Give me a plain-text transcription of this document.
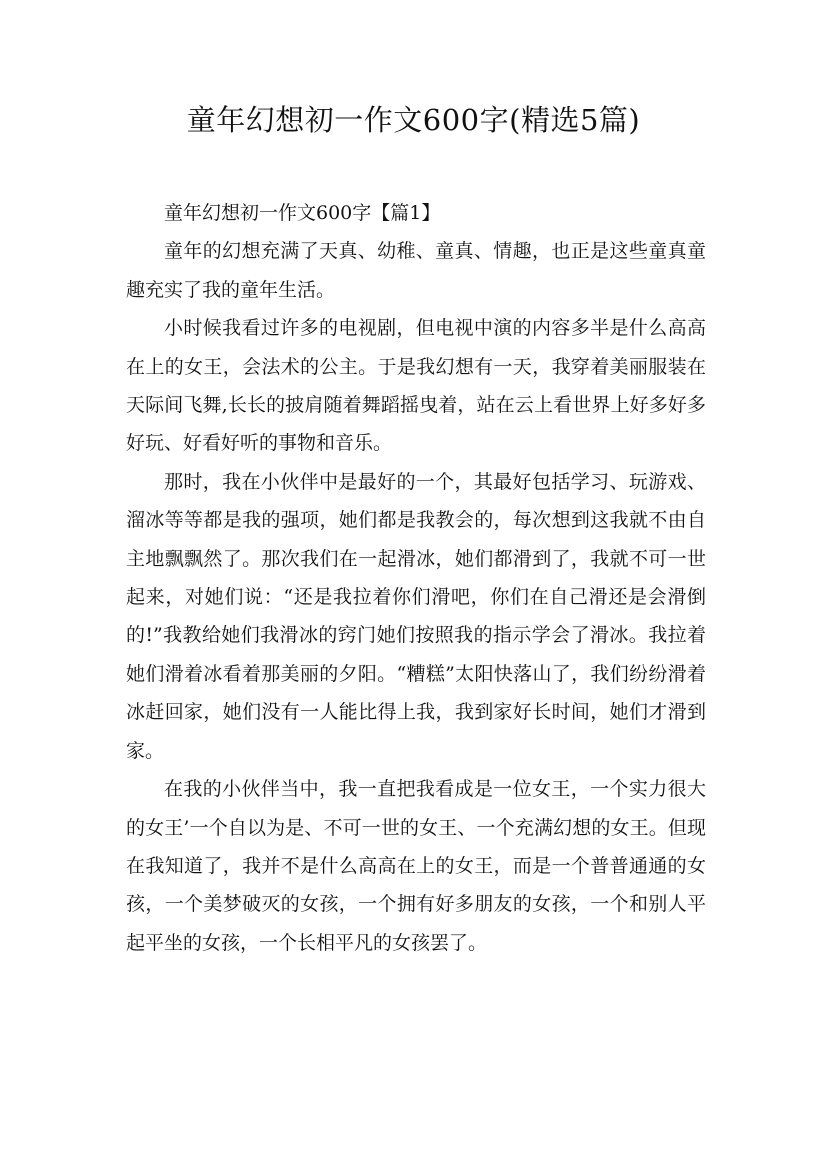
童年幻想初一作文600字(精选5篇)

童年幻想初一作文600字【篇1】

童年的幻想充满了天真、幼稚、童真、情趣，也正是这些童真童趣充实了我的童年生活。

小时候我看过许多的电视剧，但电视中演的内容多半是什么高高在上的女王，会法术的公主。于是我幻想有一天，我穿着美丽服装在天际间飞舞,长长的披肩随着舞蹈摇曳着，站在云上看世界上好多好多好玩、好看好听的事物和音乐。

那时，我在小伙伴中是最好的一个，其最好包括学习、玩游戏、溜冰等等都是我的强项，她们都是我教会的，每次想到这我就不由自主地飘飘然了。那次我们在一起滑冰，她们都滑到了，我就不可一世起来，对她们说：“还是我拉着你们滑吧，你们在自己滑还是会滑倒的!”我教给她们我滑冰的窍门她们按照我的指示学会了滑冰。我拉着她们滑着冰看着那美丽的夕阳。“糟糕”太阳快落山了，我们纷纷滑着冰赶回家，她们没有一人能比得上我，我到家好长时间，她们才滑到家。

在我的小伙伴当中，我一直把我看成是一位女王，一个实力很大的女王’一个自以为是、不可一世的女王、一个充满幻想的女王。但现在我知道了，我并不是什么高高在上的女王，而是一个普普通通的女孩，一个美梦破灭的女孩，一个拥有好多朋友的女孩，一个和别人平起平坐的女孩，一个长相平凡的女孩罢了。
